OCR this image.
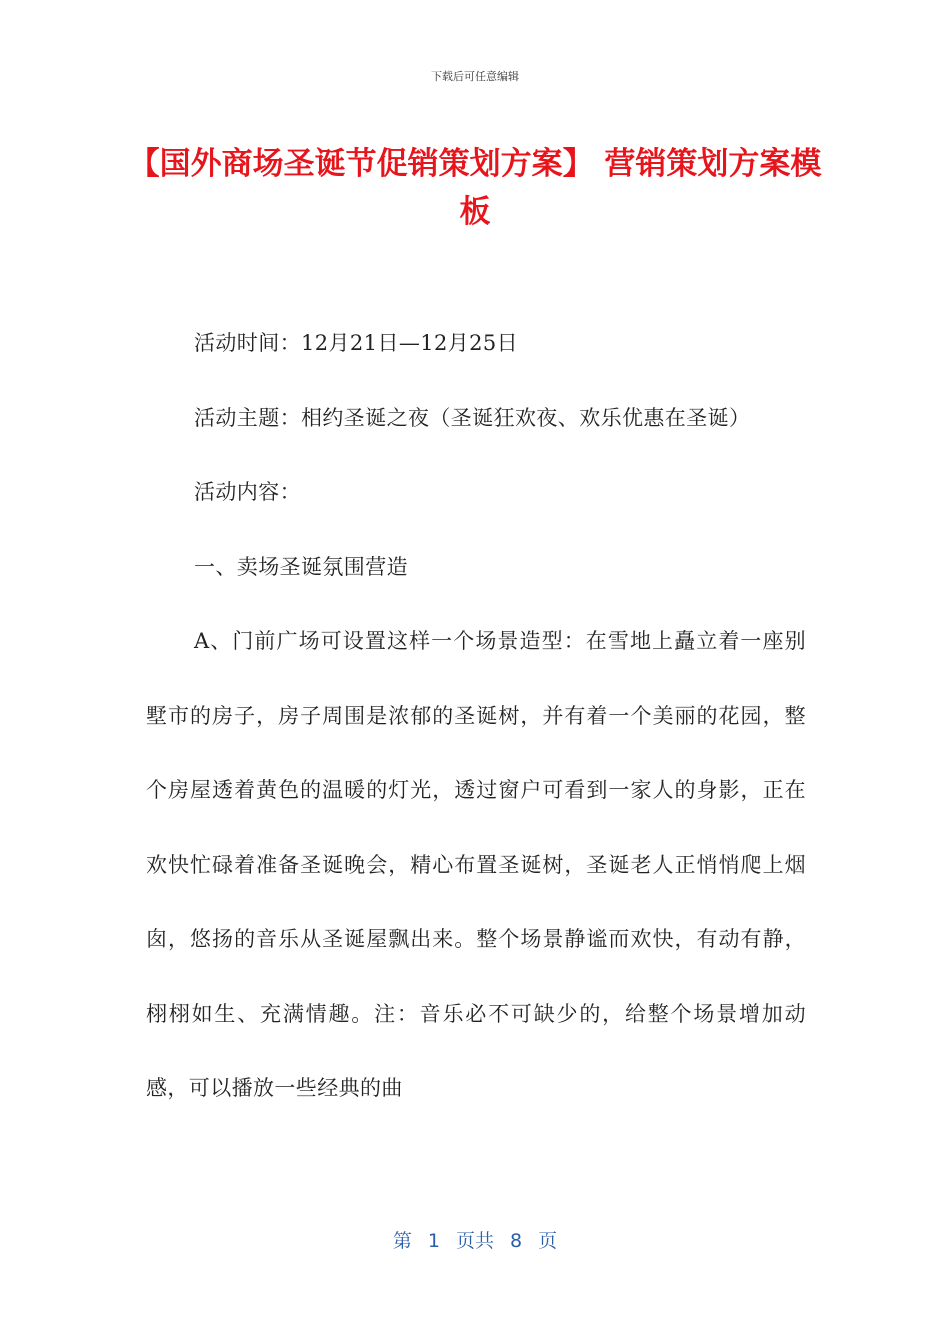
下载后可任意编辑
【国外商场圣诞节促销策划方案】 营销策划方案模板

活动时间：12月21日—12月25日

活动主题：相约圣诞之夜（圣诞狂欢夜、欢乐优惠在圣诞）

活动内容：

一、卖场圣诞氛围营造

A、门前广场可设置这样一个场景造型：在雪地上矗立着一座别墅市的房子，房子周围是浓郁的圣诞树，并有着一个美丽的花园，整个房屋透着黄色的温暖的灯光，透过窗户可看到一家人的身影，正在欢快忙碌着准备圣诞晚会，精心布置圣诞树，圣诞老人正悄悄爬上烟囱，悠扬的音乐从圣诞屋飘出来。整个场景静谧而欢快，有动有静，栩栩如生、充满情趣。注：音乐必不可缺少的，给整个场景增加动感，可以播放一些经典的曲

第 1 页共 8 页
